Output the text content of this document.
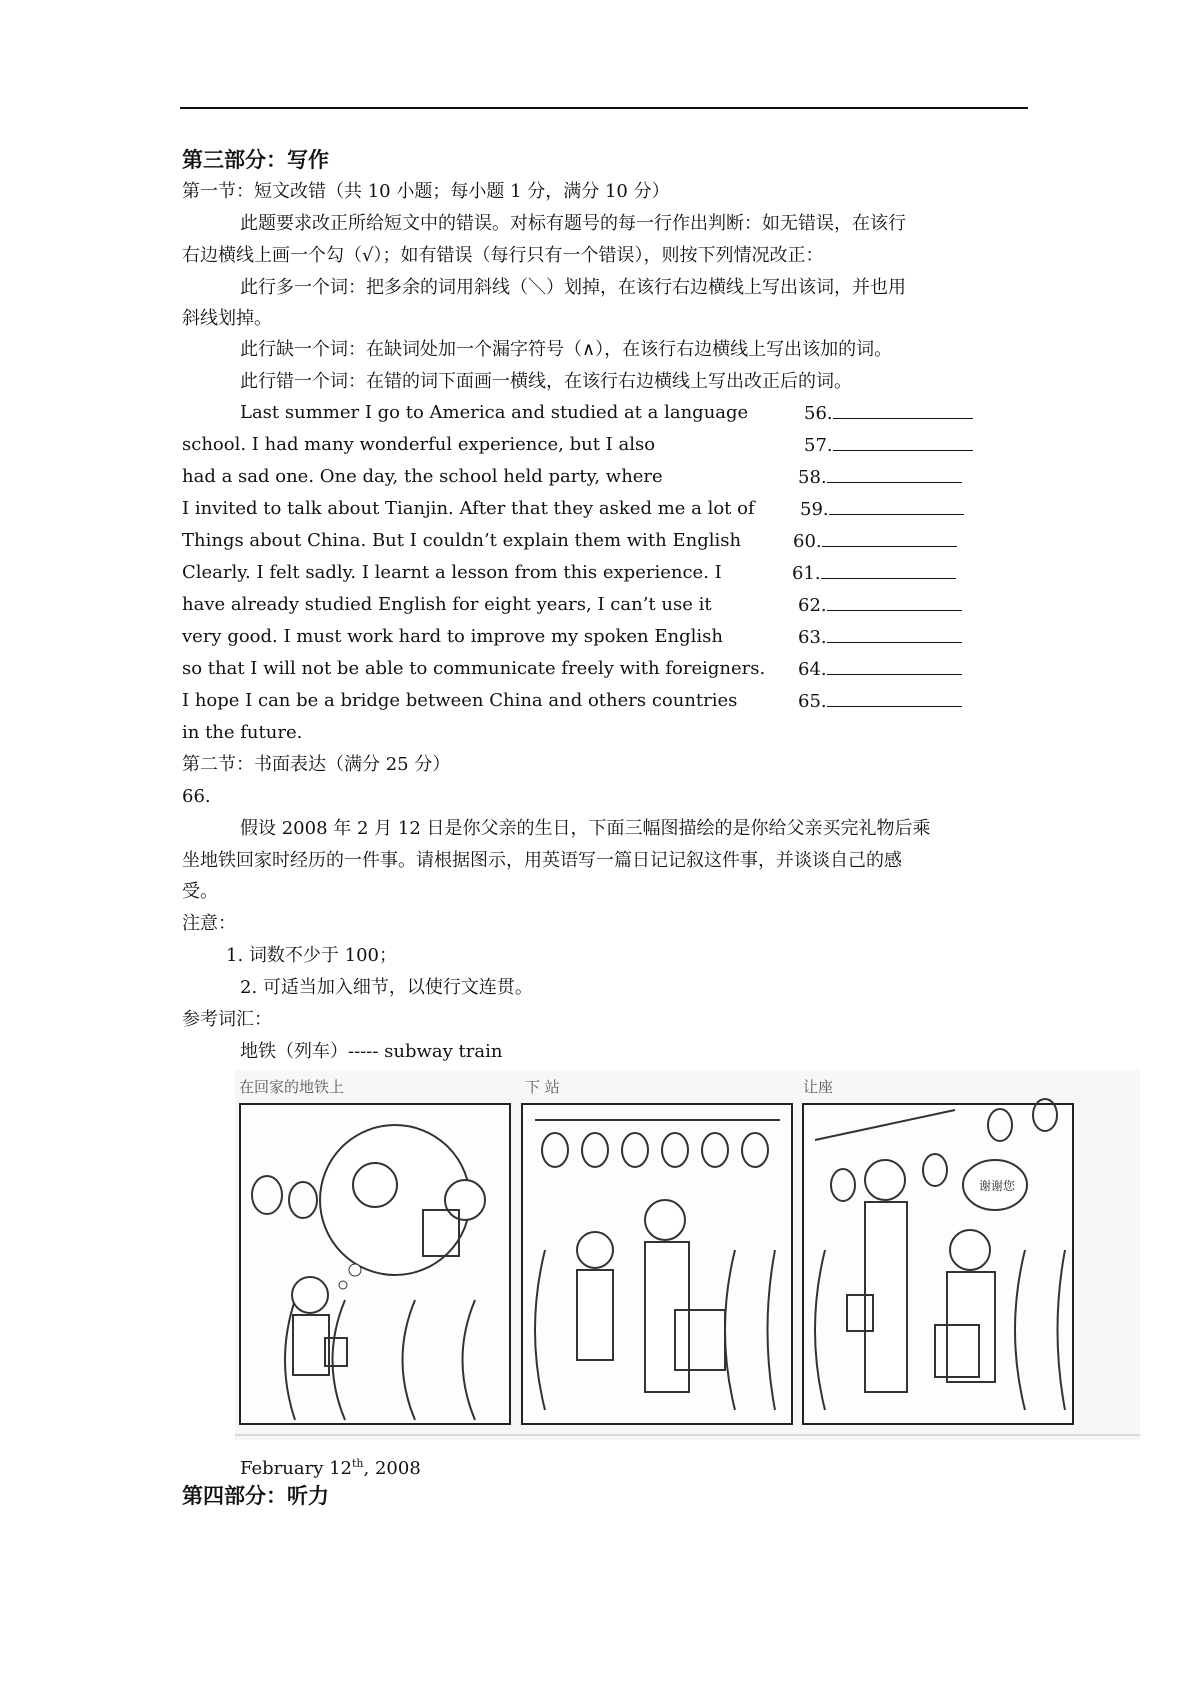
第三部分：写作
第一节：短文改错（共 10 小题；每小题 1 分，满分 10 分）
此题要求改正所给短文中的错误。对标有题号的每一行作出判断：如无错误，在该行
右边横线上画一个勾（√）；如有错误（每行只有一个错误），则按下列情况改正：
此行多一个词：把多余的词用斜线（＼）划掉，在该行右边横线上写出该词，并也用
斜线划掉。
此行缺一个词：在缺词处加一个漏字符号（∧），在该行右边横线上写出该加的词。
此行错一个词：在错的词下面画一横线，在该行右边横线上写出改正后的词。
Last summer I go to America and studied at a language	56.
school. I had many wonderful experience, but I also	57.
had a sad one. One day, the school held party, where	58.
I invited to talk about Tianjin. After that they asked me a lot of	59.
Things about China. But I couldn’t explain them with English	60.
Clearly. I felt sadly. I learnt a lesson from this experience. I	61.
have already studied English for eight years, I can’t use it	62.
very good. I must work hard to improve my spoken English	63.
so that I will not be able to communicate freely with foreigners. 64.
I hope I can be a bridge between China and others countries	65.
in the future.
第二节：书面表达（满分 25 分）
66.
假设 2008 年 2 月 12 日是你父亲的生日，下面三幅图描绘的是你给父亲买完礼物后乘
坐地铁回家时经历的一件事。请根据图示，用英语写一篇日记记叙这件事，并谈谈自己的感
受。
注意：
1. 词数不少于 100；
2. 可适当加入细节，以使行文连贯。
参考词汇：
地铁（列车）----- subway train
在回家的地铁上	下 站	让座
谢谢您
February 12th, 2008
第四部分：听力
